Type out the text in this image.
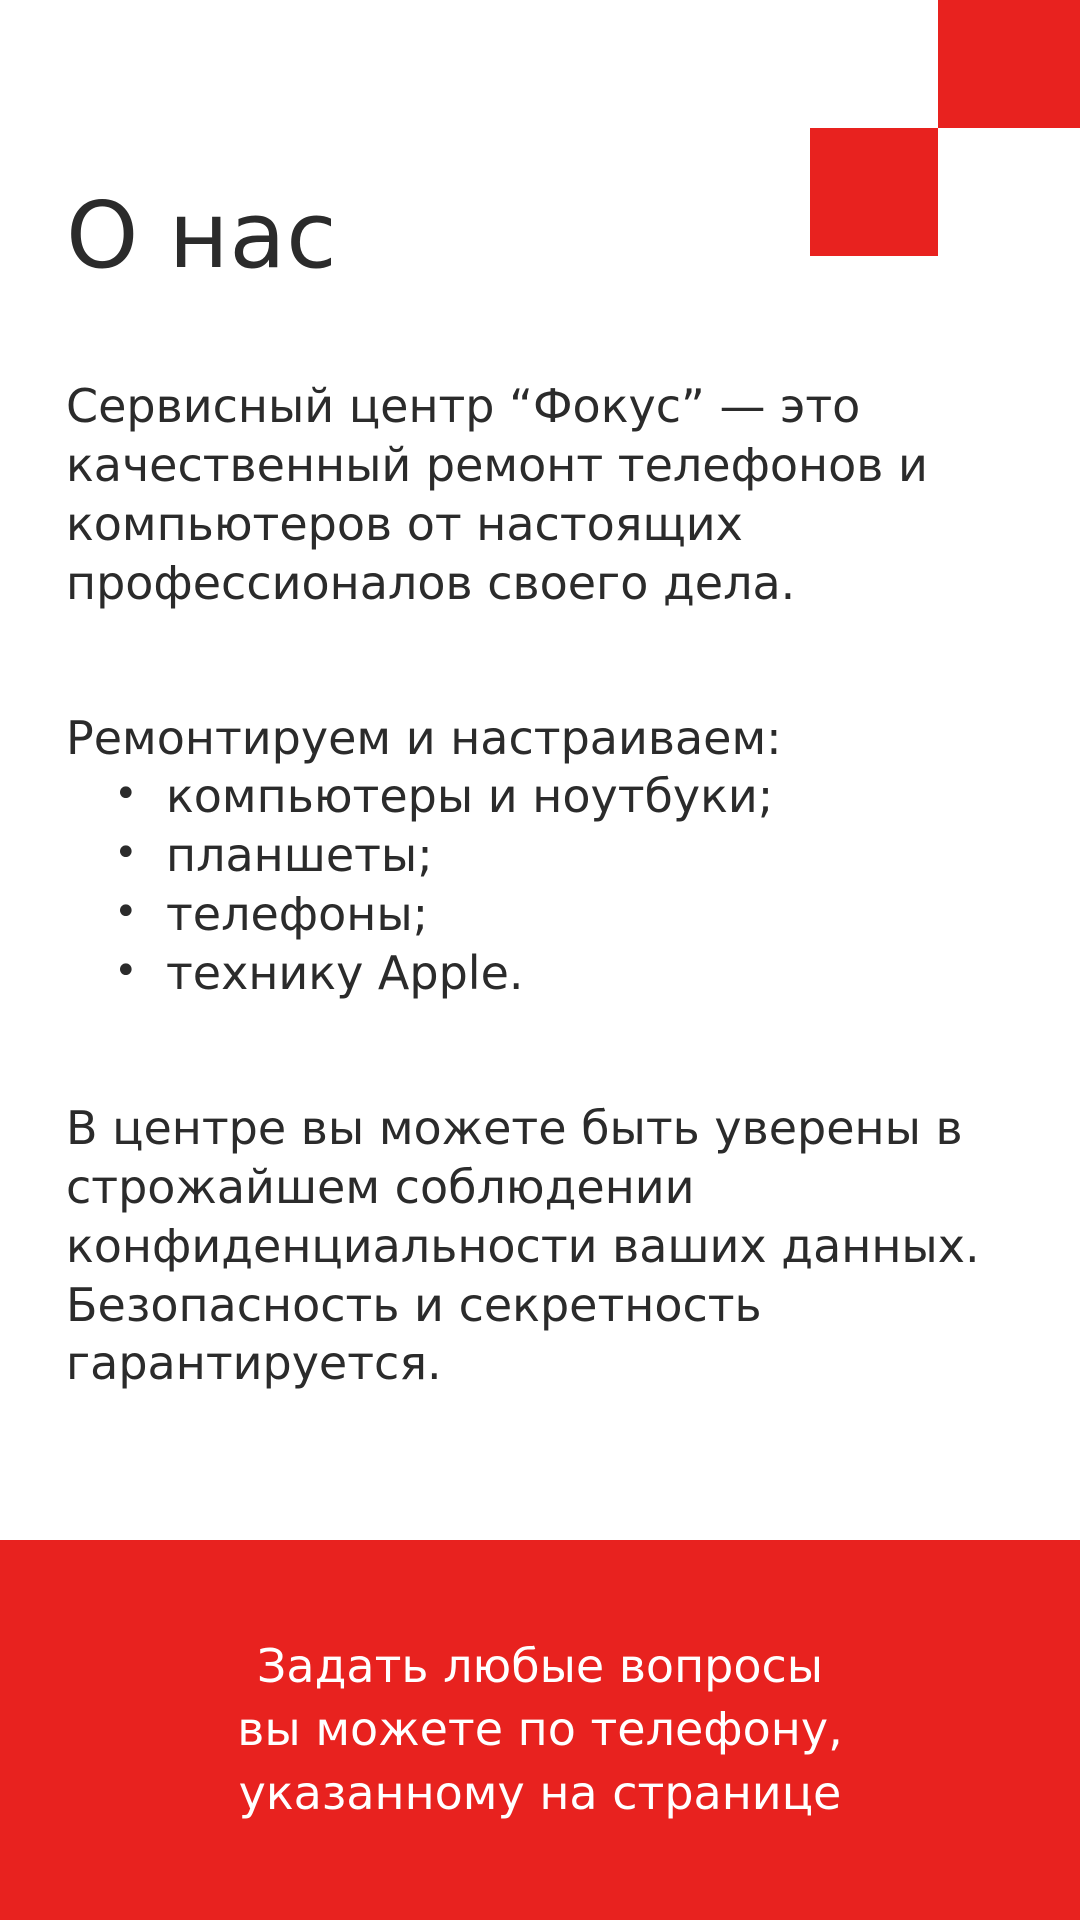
О нас

Сервисный центр “Фокус” — это качественный ремонт телефонов и компьютеров от настоящих профессионалов своего дела.

Ремонтируем и настраиваем:

• компьютеры и ноутбуки;
• планшеты;
• телефоны;
• технику Apple.

В центре вы можете быть уверены в строжайшем соблюдении конфиденциальности ваших данных. Безопасность и секретность гарантируется.

Задать любые вопросы
вы можете по телефону,
указанному на странице
